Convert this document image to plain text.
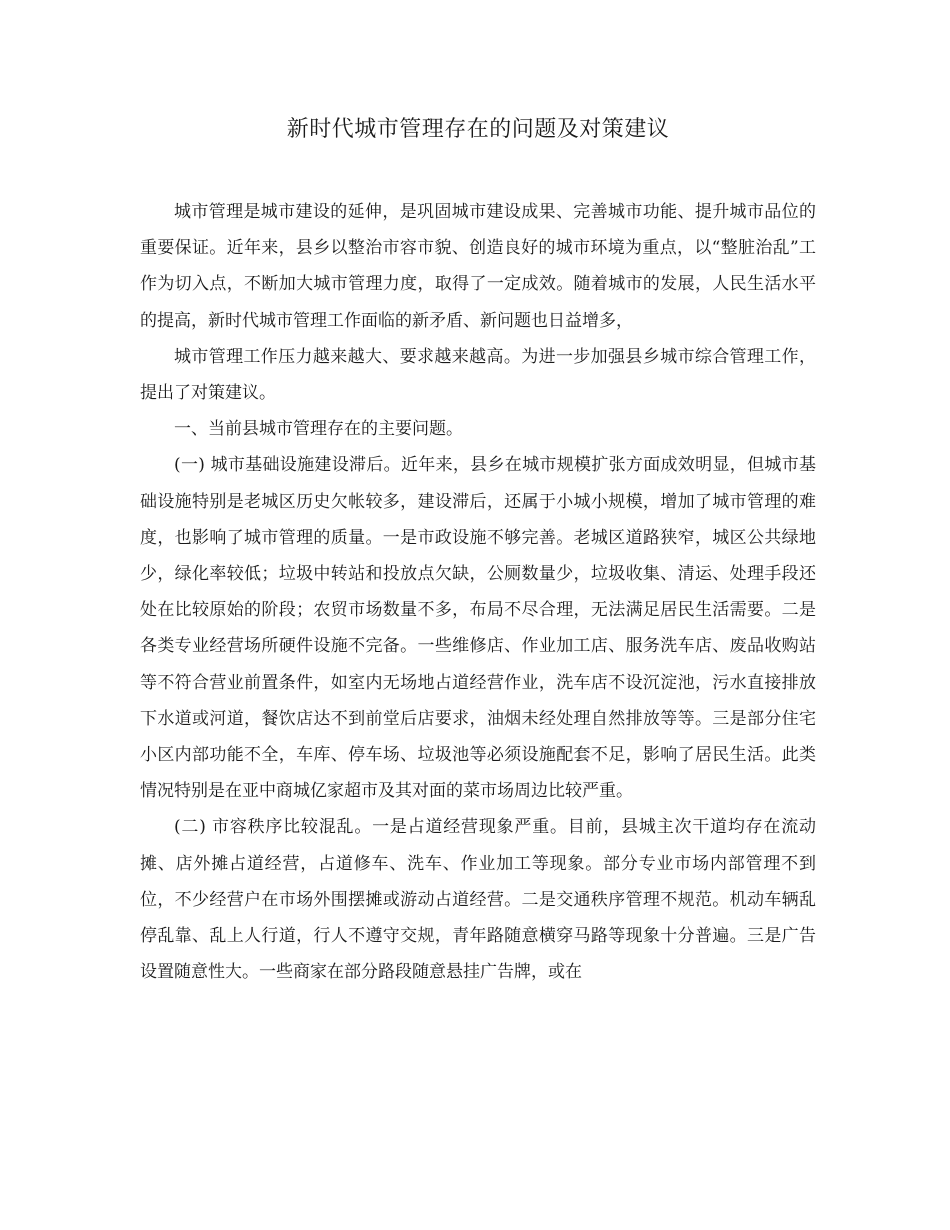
新时代城市管理存在的问题及对策建议

城市管理是城市建设的延伸，是巩固城市建设成果、完善城市功能、提升城市品位的重要保证。近年来，县乡以整治市容市貌、创造良好的城市环境为重点，以“整脏治乱”工作为切入点，不断加大城市管理力度，取得了一定成效。随着城市的发展，人民生活水平的提高，新时代城市管理工作面临的新矛盾、新问题也日益增多，

城市管理工作压力越来越大、要求越来越高。为进一步加强县乡城市综合管理工作，提出了对策建议。

一、当前县城市管理存在的主要问题。

(一) 城市基础设施建设滞后。近年来，县乡在城市规模扩张方面成效明显，但城市基础设施特别是老城区历史欠帐较多，建设滞后，还属于小城小规模，增加了城市管理的难度，也影响了城市管理的质量。一是市政设施不够完善。老城区道路狭窄，城区公共绿地少，绿化率较低；垃圾中转站和投放点欠缺，公厕数量少，垃圾收集、清运、处理手段还处在比较原始的阶段；农贸市场数量不多，布局不尽合理，无法满足居民生活需要。二是各类专业经营场所硬件设施不完备。一些维修店、作业加工店、服务洗车店、废品收购站等不符合营业前置条件，如室内无场地占道经营作业，洗车店不设沉淀池，污水直接排放下水道或河道，餐饮店达不到前堂后店要求，油烟未经处理自然排放等等。三是部分住宅小区内部功能不全，车库、停车场、垃圾池等必须设施配套不足，影响了居民生活。此类情况特别是在亚中商城亿家超市及其对面的菜市场周边比较严重。

(二) 市容秩序比较混乱。一是占道经营现象严重。目前，县城主次干道均存在流动摊、店外摊占道经营，占道修车、洗车、作业加工等现象。部分专业市场内部管理不到位，不少经营户在市场外围摆摊或游动占道经营。二是交通秩序管理不规范。机动车辆乱停乱靠、乱上人行道，行人不遵守交规，青年路随意横穿马路等现象十分普遍。三是广告设置随意性大。一些商家在部分路段随意悬挂广告牌，或在
